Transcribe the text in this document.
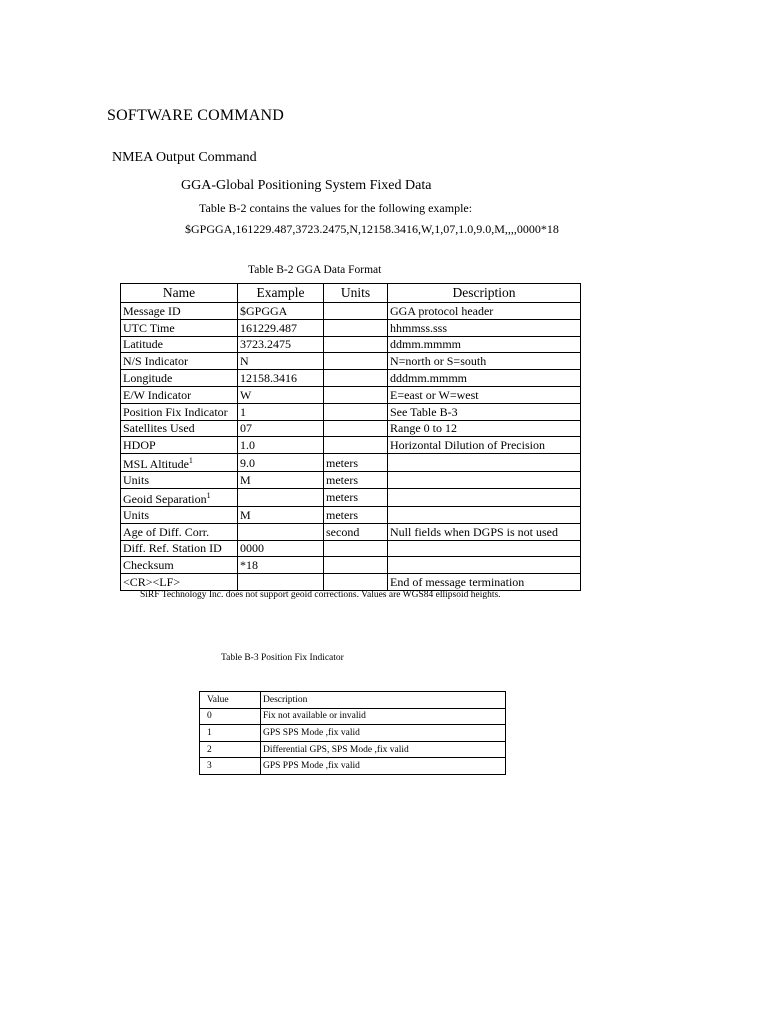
SOFTWARE COMMAND
NMEA Output Command
GGA-Global Positioning System Fixed Data
Table B-2 contains the values for the following example:
$GPGGA,161229.487,3723.2475,N,12158.3416,W,1,07,1.0,9.0,M,,,,0000*18
Table B-2 GGA Data Format
Name	Example	Units	Description
Message ID	$GPGGA		GGA protocol header
UTC Time	161229.487		hhmmss.sss
Latitude	3723.2475		ddmm.mmmm
N/S Indicator	N		N=north or S=south
Longitude	12158.3416		dddmm.mmmm
E/W Indicator	W		E=east or W=west
Position Fix Indicator	1		See Table B-3
Satellites Used	07		Range 0 to 12
HDOP	1.0		Horizontal Dilution of Precision
MSL Altitude$^1$	9.0	meters	
Units	M	meters	
Geoid Separation$^1$		meters	
Units	M	meters	
Age of Diff. Corr.		second	Null fields when DGPS is not used
Diff. Ref. Station ID	0000		
Checksum	*18		
<CR><LF>			End of message termination
SiRF Technology Inc. does not support geoid corrections. Values are WGS84 ellipsoid heights.
Table B-3 Position Fix Indicator
Value	Description
0	Fix not available or invalid
1	GPS SPS Mode ,fix valid
2	Differential GPS, SPS Mode ,fix valid
3	GPS PPS Mode ,fix valid
